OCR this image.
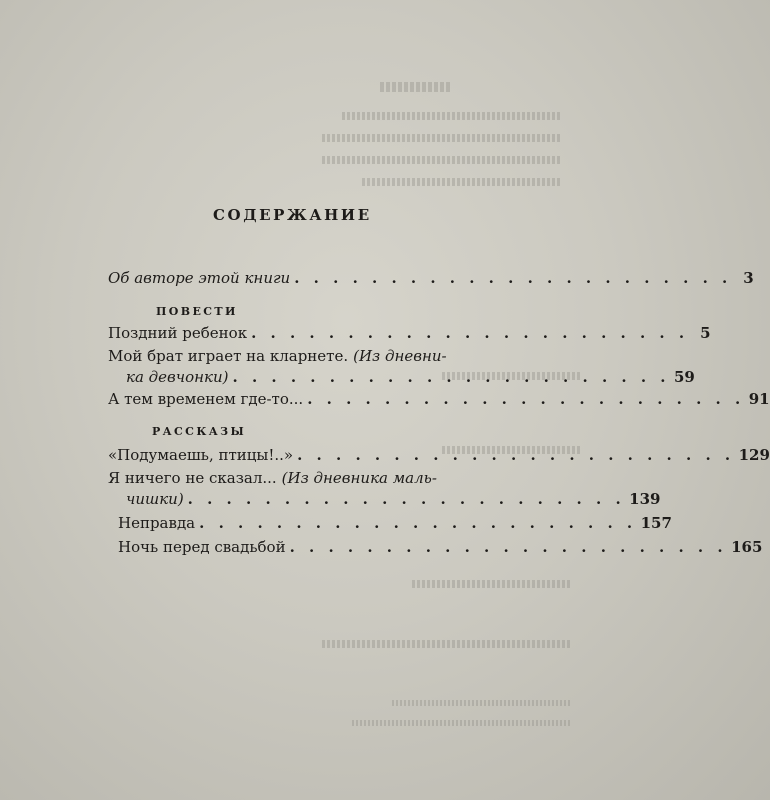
СОДЕРЖАНИЕ
Об авторе этой книги . . . . . . . . . . . . . . . . . . . . . . . 3
ПОВЕСТИ
Поздний ребенок . . . . . . . . . . . . . . . . . . . . . . . 5
Мой брат играет на кларнете. (Из дневни-
ка девчонки) . . . . . . . . . . . . . . . . . . . . . . . 59
А тем временем где-то... . . . . . . . . . . . . . . . . . . . . . . . 91
РАССКАЗЫ
«Подумаешь, птицы!..» . . . . . . . . . . . . . . . . . . . . . . . 129
Я ничего не сказал... (Из дневника маль-
чишки) . . . . . . . . . . . . . . . . . . . . . . . 139
Неправда . . . . . . . . . . . . . . . . . . . . . . . 157
Ночь перед свадьбой . . . . . . . . . . . . . . . . . . . . . . . 165
